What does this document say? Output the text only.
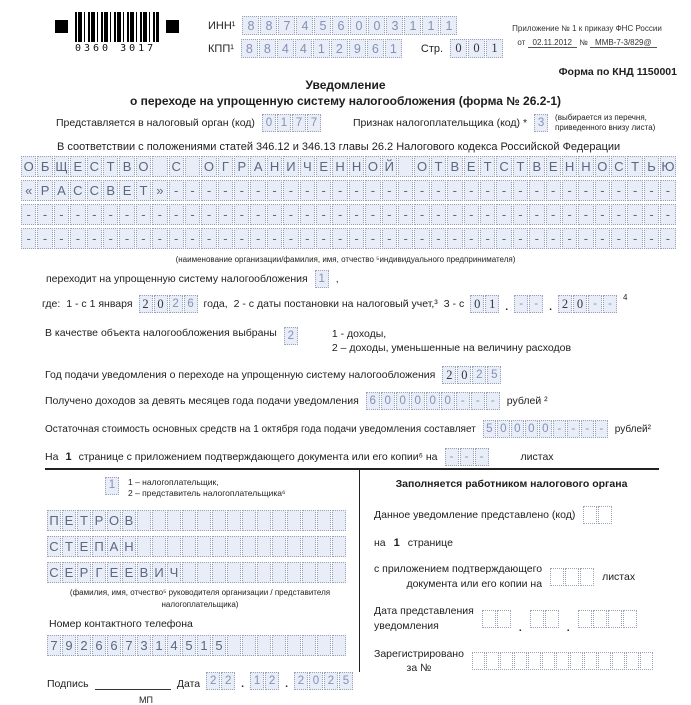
0360 3017
ИНН¹ 8 8 7 4 5 6 0 0 3 1 1 1
КПП¹ 8 8 4 4 1 2 9 6 1	Стр. 0 0 1
Приложение № 1 к приказу ФНС России
от 02.11.2012 № ММВ-7-3/829@
Форма по КНД 1150001
Уведомление
о переходе на упрощенную систему налогообложения (форма № 26.2-1)
Представляется в налоговый орган (код) 0 1 7 7	Признак налогоплательщика (код) * 3	(выбирается из перечня,
приведенного внизу листа)
В соответствии с положениями статей 346.12 и 346.13 главы 26.2 Налогового кодекса Российской Федерации
О Б Щ Е С Т В О
С
О Г Р А Н И Ч Е Н Н О Й
О Т В Е Т С Т В Е Н Н О С Т Ь Ю
« Р А С С В Е Т » - - - - - - - - - - - - - - - - - - - - - - - - - - - - - - -
- - - - - - - - - - - - - - - - - - - - - - - - - - - - - - - - - - - - - - - -
- - - - - - - - - - - - - - - - - - - - - - - - - - - - - - - - - - - - - - - -
(наименование организации/фамилия, имя, отчество ⁵индивидуального предпринимателя)
переходит на упрощенную систему налогообложения 1	,
где: 1 - с 1 января 2 0 2 6 года, 2 - с даты постановки на налоговый учет,³ 3 - с 0 1 . - -	. 2 0 - -
$^4$
В качестве объекта налогообложения выбраны 2	1 - доходы,
2 – доходы, уменьшенные на величину расходов
Год подачи уведомления о переходе на упрощенную систему налогообложения 2 0 2 5
Получено доходов за девять месяцев года подачи уведомления 6 0 0 0 0 0 - - -	рублей ²
Остаточная стоимость основных средств на 1 октября года подачи уведомления составляет 5 0 0 0 0 - - - -	рублей²
На 1 странице с приложением подтверждающего документа или его копии⁶ на	- - -	листах
1	1 – налогоплательщик,
2 – представитель налогоплательщика⁶
П Е Т Р О В

С Т Е П А Н

С Е Р Г Е Е В И Ч

(фамилия, имя, отчество⁵ руководителя организации / представителя
налогоплательщика)
Номер контактного телефона
7 9 2 6 6 7 3 1 4 5 1 5

Подпись	Дата 2 2 . 1 2 . 2 0 2 5
МП
Заполняется работником налогового органа
Данное уведомление представлено (код)

на 1 странице
с приложением подтверждающего
документа или его копии на

листах
Дата представления
уведомления

	.

	.

Зарегистрировано
за №
